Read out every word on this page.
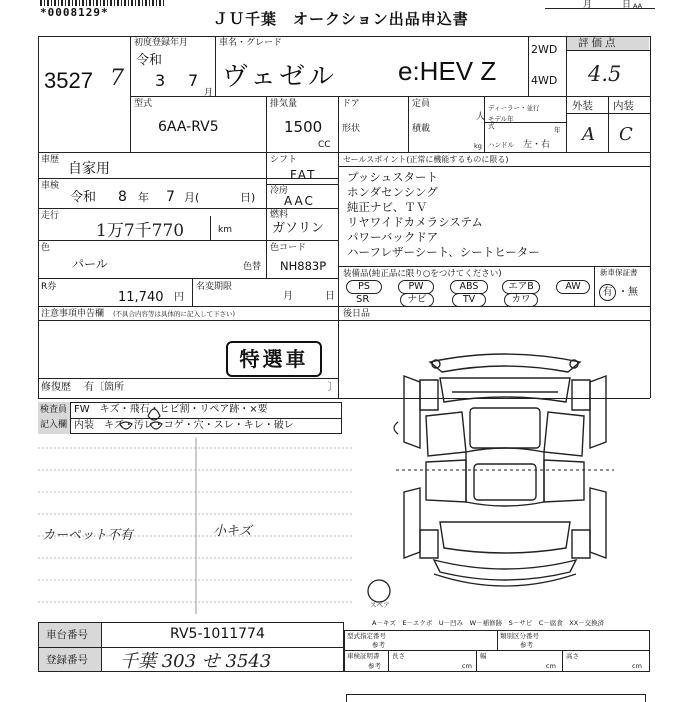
*0008129*	ＪＵ千葉　オークション出品申込書
月	日 AA
3527 7
初度登録年月
令和
3 7
月
車名・グレード
ヴェゼル e:HEV Z
2WD
4WD
評価点
4.5
外装 内装
A C
型式
6AA-RV5
排気量
1500
CC
ドア
形状
定員
人
積載
kg
ディーラー・並行
モデル年式	年
ハンドル 左・右
車歴
自家用
車検
令和 8 年 7 月(	日)
走行
1万7千770	km
色
パール	色替
シフト
FAT
冷房
AAC
燃料
ガソリン
色コード
NH883P
R券
11,740 円
名変期限
月	日
注意事項申告欄 (不具合内容等は具体的に記入して下さい)
特選車
修復歴 有〔箇所	〕
セールスポイント(正常に機能するものに限る)
プッシュスタート
ホンダセンシング
純正ナビ、ＴＶ
リヤワイドカメラシステム
パワーバックドア
ハーフレザーシート、シートヒーター
装備品(純正品に限り○をつけてください)	新車保証書
有 ・無
PS	PW	ABS	エアB	AW
SR	ナビ	TV	カワ
後日品
検査員
記入欄
FW　キズ・飛石・ヒビ割・リペア跡・×要
内装　キズ・汚レ・コゲ・穴・スレ・キレ・破レ
カーペット不有	小キズ
スペア
A－キズ　E－エクボ　U－凹み　W－補修跡　S－サビ　C－腐食　XX－交換済
車台番号	RV5-1011774
登録番号 千葉 303 せ 3543
型式指定番号
参考
類別区分番号
参考
車検証明書
参考
長さ
cm
幅
cm
高さ
cm
